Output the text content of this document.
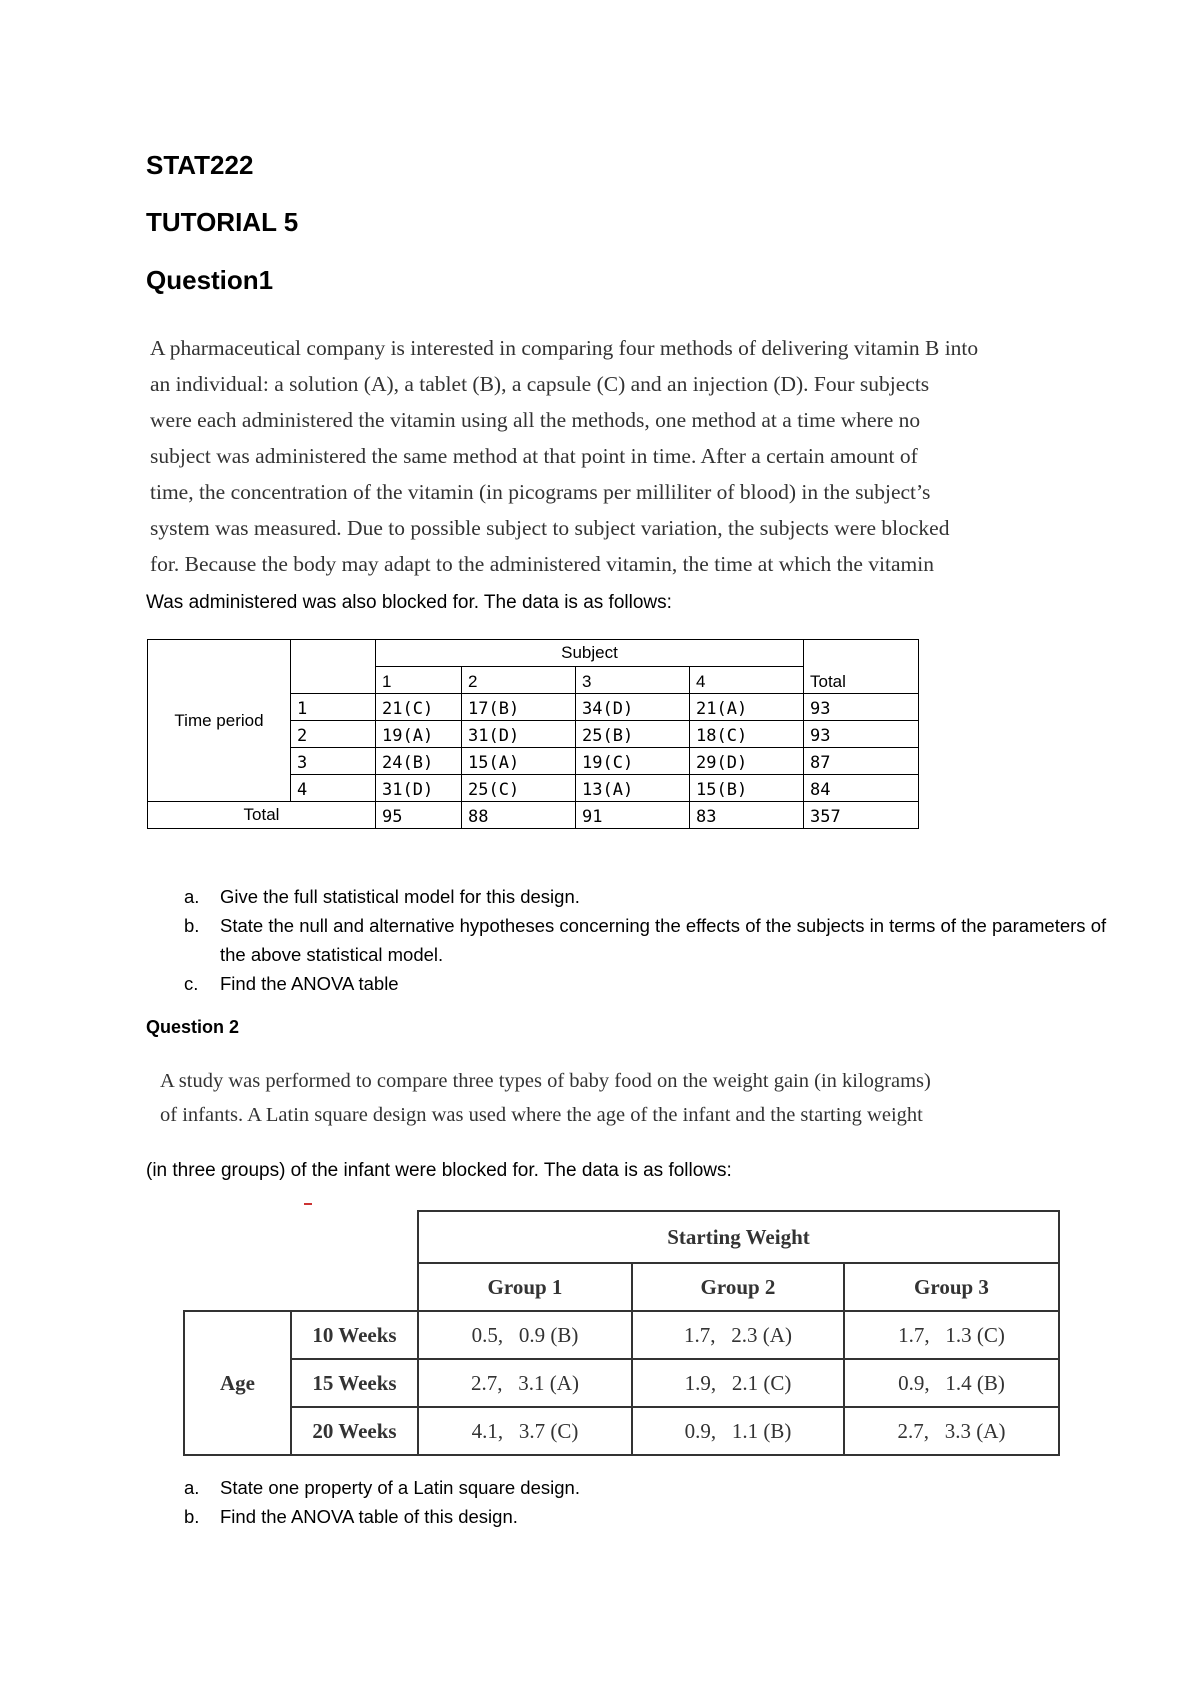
STAT222
TUTORIAL 5
Question1
A pharmaceutical company is interested in comparing four methods of delivering vitamin B into
an individual: a solution (A), a tablet (B), a capsule (C) and an injection (D). Four subjects
were each administered the vitamin using all the methods, one method at a time where no
subject was administered the same method at that point in time. After a certain amount of
time, the concentration of the vitamin (in picograms per milliliter of blood) in the subject’s
system was measured. Due to possible subject to subject variation, the subjects were blocked
for. Because the body may adapt to the administered vitamin, the time at which the vitamin
Was administered was also blocked for. The data is as follows:
Time period		Subject				Total
		1	2	3	4	
	1	21(C)	17(B)	34(D)	21(A)	93
	2	19(A)	31(D)	25(B)	18(C)	93
	3	24(B)	15(A)	19(C)	29(D)	87
	4	31(D)	25(C)	13(A)	15(B)	84
Total		95	88	91	83	357
a. Give the full statistical model for this design.
b. State the null and alternative hypotheses concerning the effects of the subjects in terms of the parameters of the above statistical model.
c. Find the ANOVA table
Question 2
A study was performed to compare three types of baby food on the weight gain (in kilograms)
of infants. A Latin square design was used where the age of the infant and the starting weight
(in three groups) of the infant were blocked for. The data is as follows:
		Starting Weight		
		Group 1	Group 2	Group 3
Age	10 Weeks	0.5,   0.9 (B)	1.7,   2.3 (A)	1.7,   1.3 (C)
	15 Weeks	2.7,   3.1 (A)	1.9,   2.1 (C)	0.9,   1.4 (B)
	20 Weeks	4.1,   3.7 (C)	0.9,   1.1 (B)	2.7,   3.3 (A)
a. State one property of a Latin square design.
b. Find the ANOVA table of this design.
